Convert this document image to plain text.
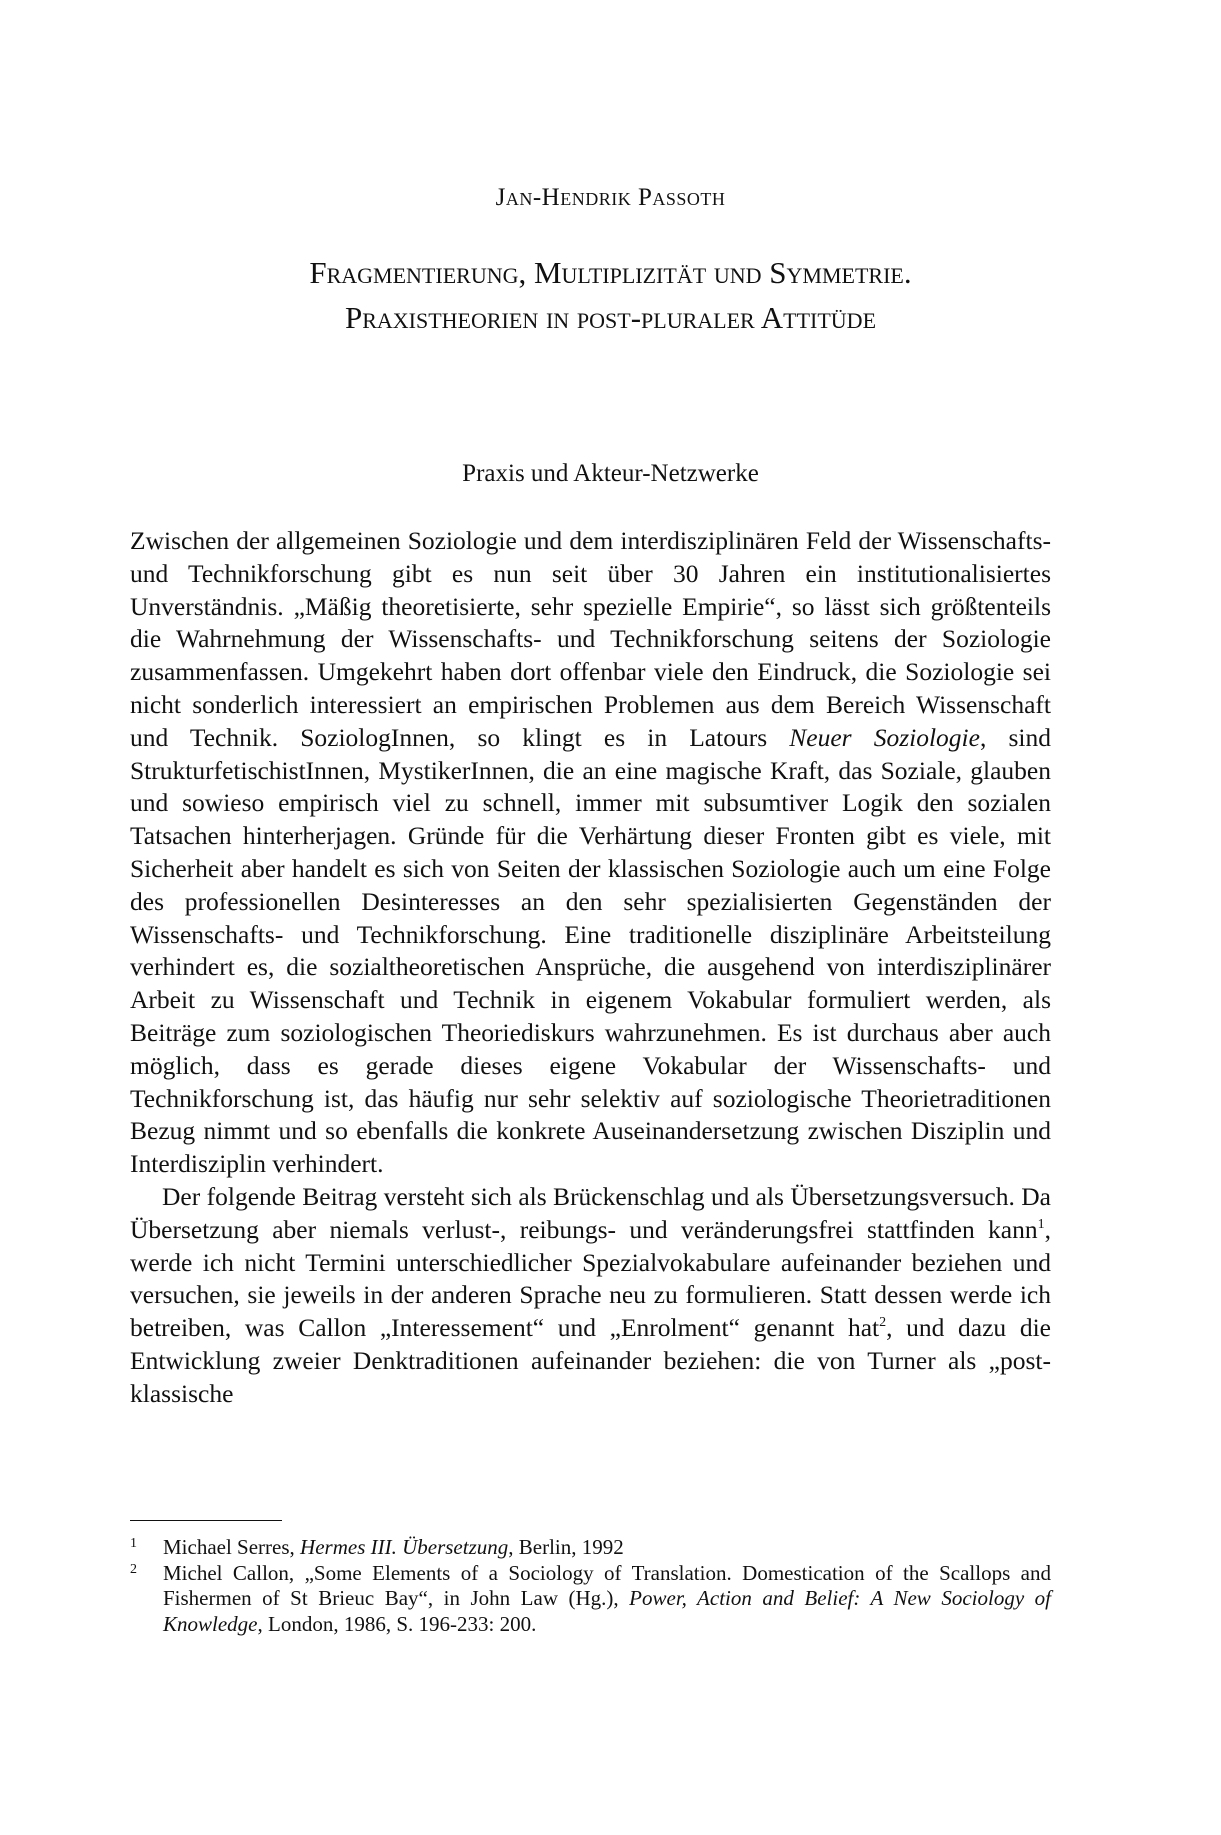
Jan-Hendrik Passoth
Fragmentierung, Multiplizität und Symmetrie.
Praxistheorien in post-pluraler Attitüde
Praxis und Akteur-Netzwerke

Zwischen der allgemeinen Soziologie und dem interdisziplinären Feld der Wissenschafts- und Technikforschung gibt es nun seit über 30 Jahren ein institutionalisiertes Unverständnis. „Mäßig theoretisierte, sehr spezielle Empirie“, so lässt sich größtenteils die Wahrnehmung der Wissenschafts- und Technikforschung seitens der Soziologie zusammenfassen. Umgekehrt haben dort offenbar viele den Eindruck, die Soziologie sei nicht sonderlich interessiert an empirischen Problemen aus dem Bereich Wissenschaft und Technik. SoziologInnen, so klingt es in Latours Neuer Soziologie, sind StrukturfetischistInnen, MystikerInnen, die an eine magische Kraft, das Soziale, glauben und sowieso empirisch viel zu schnell, immer mit subsumtiver Logik den sozialen Tatsachen hinterherjagen. Gründe für die Verhärtung dieser Fronten gibt es viele, mit Sicherheit aber handelt es sich von Seiten der klassischen Soziologie auch um eine Folge des professionellen Desinteresses an den sehr spezialisierten Gegenständen der Wissenschafts- und Technikforschung. Eine traditionelle disziplinäre Arbeitsteilung verhindert es, die sozialtheoretischen Ansprüche, die ausgehend von interdisziplinärer Arbeit zu Wissenschaft und Technik in eigenem Vokabular formuliert werden, als Beiträge zum soziologischen Theoriediskurs wahrzunehmen. Es ist durchaus aber auch möglich, dass es gerade dieses eigene Vokabular der Wissenschafts- und Technikforschung ist, das häufig nur sehr selektiv auf soziologische Theorietraditionen Bezug nimmt und so ebenfalls die konkrete Auseinandersetzung zwischen Disziplin und Interdisziplin verhindert.

Der folgende Beitrag versteht sich als Brückenschlag und als Übersetzungsversuch. Da Übersetzung aber niemals verlust-, reibungs- und veränderungsfrei stattfinden kann$^1$, werde ich nicht Termini unterschiedlicher Spezialvokabulare aufeinander beziehen und versuchen, sie jeweils in der anderen Sprache neu zu formulieren. Statt dessen werde ich betreiben, was Callon „Interessement“ und „Enrolment“ genannt hat$^2$, und dazu die Entwicklung zweier Denktraditionen aufeinander beziehen: die von Turner als „post-klassische

1 Michael Serres, Hermes III. Übersetzung, Berlin, 1992
2 Michel Callon, „Some Elements of a Sociology of Translation. Domestication of the Scallops and Fishermen of St Brieuc Bay“, in John Law (Hg.), Power, Action and Belief: A New Sociology of Knowledge, London, 1986, S. 196-233: 200.
